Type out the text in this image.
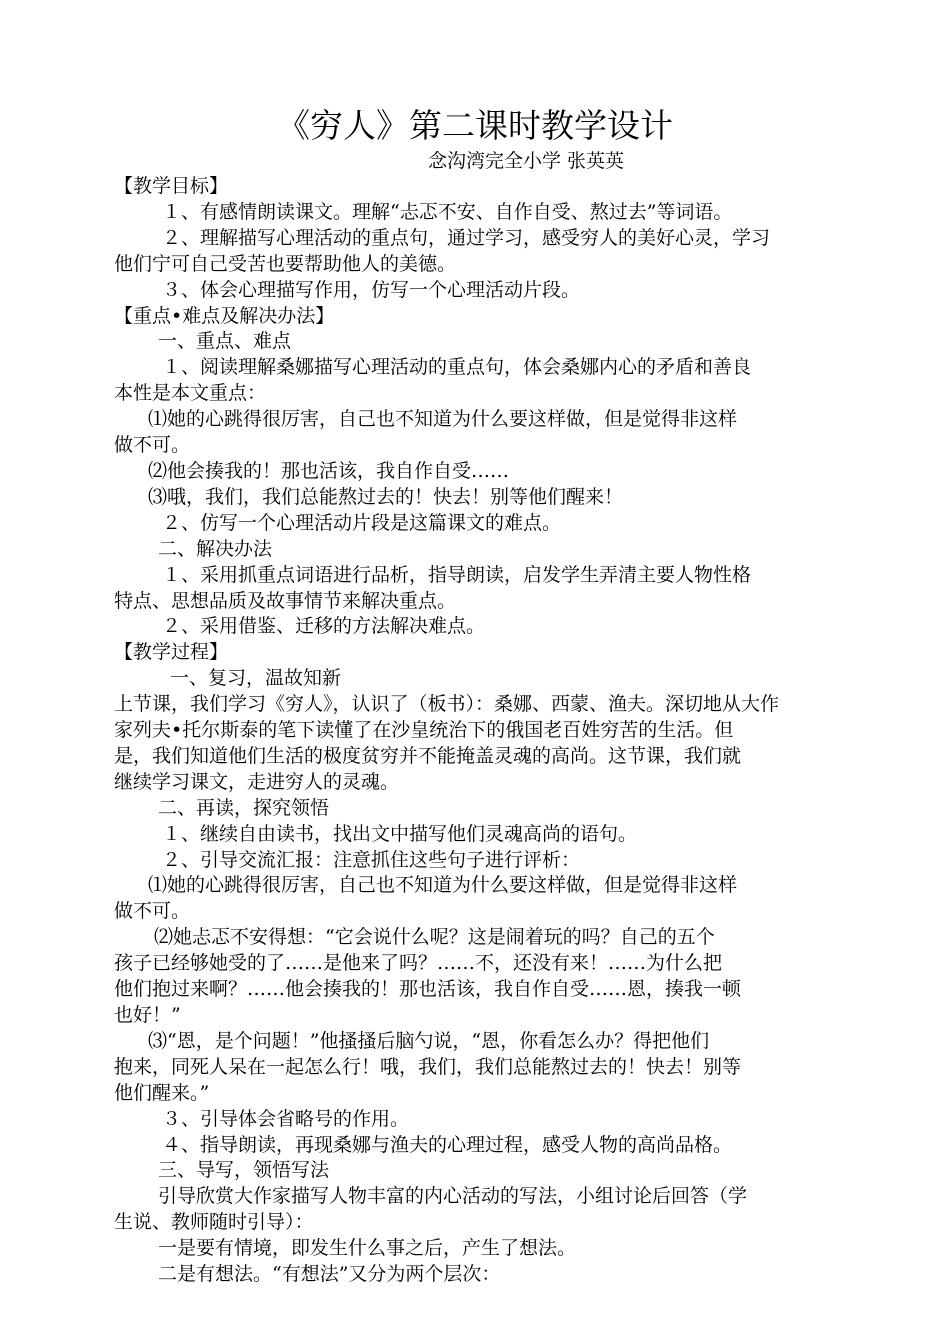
《穷人》第二课时教学设计
念沟湾完全小学 张英英

【教学目标】

１、有感情朗读课文。理解“忐忑不安、自作自受、熬过去”等词语。

２、理解描写心理活动的重点句，通过学习，感受穷人的美好心灵，学习

他们宁可自己受苦也要帮助他人的美德。

３、体会心理描写作用，仿写一个心理活动片段。

【重点•难点及解决办法】

一、重点、难点

１、阅读理解桑娜描写心理活动的重点句，体会桑娜内心的矛盾和善良

本性是本文重点：

⑴她的心跳得很厉害，自己也不知道为什么要这样做，但是觉得非这样

做不可。

⑵他会揍我的！那也活该，我自作自受……

⑶哦，我们，我们总能熬过去的！快去！别等他们醒来！

２、仿写一个心理活动片段是这篇课文的难点。

二、解决办法

１、采用抓重点词语进行品析，指导朗读，启发学生弄清主要人物性格

特点、思想品质及故事情节来解决重点。

２、采用借鉴、迁移的方法解决难点。

【教学过程】

一、复习，温故知新

上节课，我们学习《穷人》，认识了（板书）：桑娜、西蒙、渔夫。深切地从大作

家列夫•托尔斯泰的笔下读懂了在沙皇统治下的俄国老百姓穷苦的生活。但

是，我们知道他们生活的极度贫穷并不能掩盖灵魂的高尚。这节课，我们就

继续学习课文，走进穷人的灵魂。

二、再读，探究领悟

１、继续自由读书，找出文中描写他们灵魂高尚的语句。

２、引导交流汇报：注意抓住这些句子进行评析：

⑴她的心跳得很厉害，自己也不知道为什么要这样做，但是觉得非这样

做不可。

⑵她忐忑不安得想：“它会说什么呢？这是闹着玩的吗？自己的五个

孩子已经够她受的了……是他来了吗？……不，还没有来！……为什么把

他们抱过来啊？……他会揍我的！那也活该，我自作自受……恩，揍我一顿

也好！”

⑶“恩，是个问题！”他搔搔后脑勺说，“恩，你看怎么办？得把他们

抱来，同死人呆在一起怎么行！哦，我们，我们总能熬过去的！快去！别等

他们醒来。”

３、引导体会省略号的作用。

４、指导朗读，再现桑娜与渔夫的心理过程，感受人物的高尚品格。

三、导写，领悟写法

引导欣赏大作家描写人物丰富的内心活动的写法，小组讨论后回答（学

生说、教师随时引导）：

一是要有情境，即发生什么事之后，产生了想法。

二是有想法。“有想法”又分为两个层次：
